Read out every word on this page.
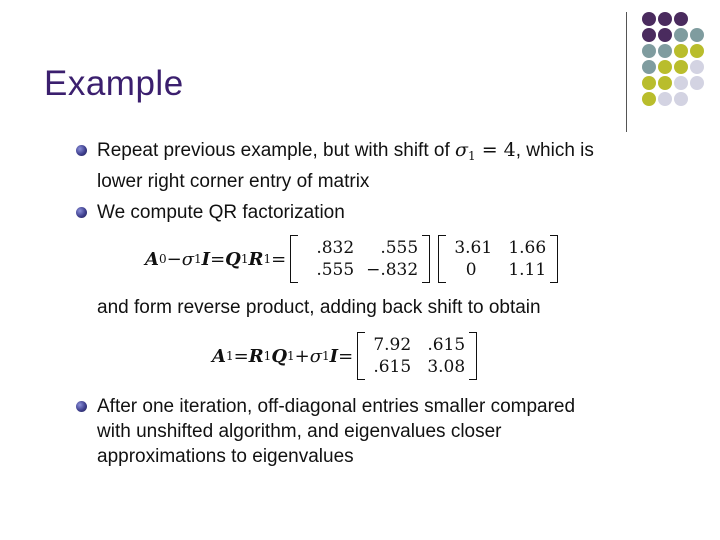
Example
Repeat previous example, but with shift of $\sigma_1 = 4$, which is
lower right corner entry of matrix
We compute QR factorization
A 0 − σ 1 I = Q 1 R 1 =
.832	.555
.555 −.832
3.61 1.66
0	1.11
and form reverse product, adding back shift to obtain
A 1 = R 1 Q 1 + σ 1 I =
7.92 .615
.615 3.08
After one iteration, off-diagonal entries smaller compared
with unshifted algorithm, and eigenvalues closer
approximations to eigenvalues
